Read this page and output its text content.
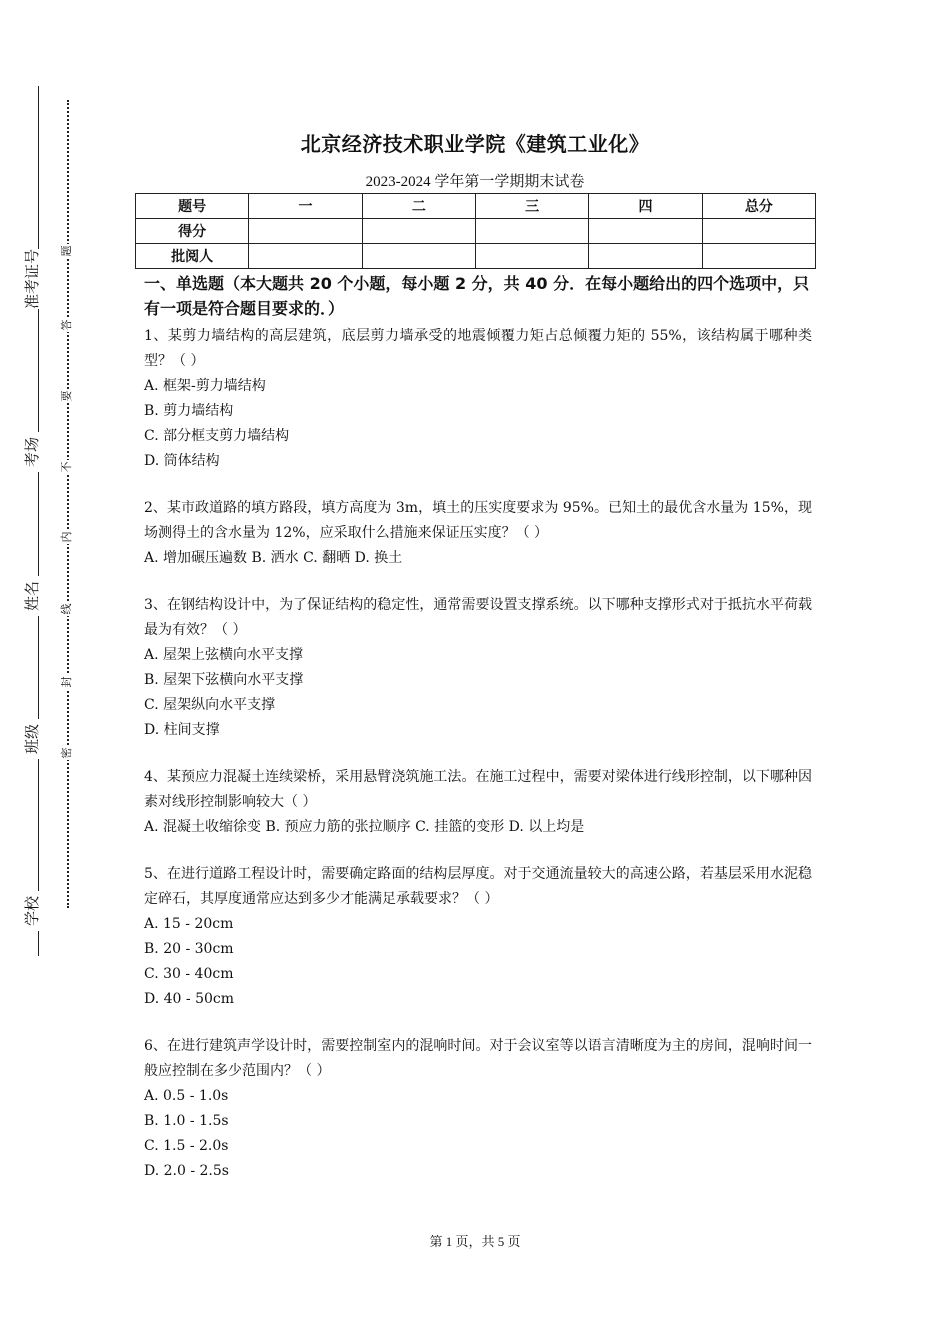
准考证号
考场
姓名
班级
学校
题
答
要
不
内
线
封
密
北京经济技术职业学院《建筑工业化》
2023-2024 学年第一学期期末试卷
题号	一	二	三	四	总分
得分					
批阅人					

一、单选题（本大题共 20 个小题，每小题 2 分，共 40 分．在每小题给出的四个选项中，只有一项是符合题目要求的．）

1、某剪力墙结构的高层建筑，底层剪力墙承受的地震倾覆力矩占总倾覆力矩的 55%，该结构属于哪种类型？（ ）

A. 框架-剪力墙结构

B. 剪力墙结构

C. 部分框支剪力墙结构

D. 筒体结构

2、某市政道路的填方路段，填方高度为 3m，填土的压实度要求为 95%。已知土的最优含水量为 15%，现场测得土的含水量为 12%，应采取什么措施来保证压实度？（ ）

A. 增加碾压遍数 B. 洒水 C. 翻晒 D. 换土

3、在钢结构设计中，为了保证结构的稳定性，通常需要设置支撑系统。以下哪种支撑形式对于抵抗水平荷载最为有效？（ ）

A. 屋架上弦横向水平支撑

B. 屋架下弦横向水平支撑

C. 屋架纵向水平支撑

D. 柱间支撑

4、某预应力混凝土连续梁桥，采用悬臂浇筑施工法。在施工过程中，需要对梁体进行线形控制，以下哪种因素对线形控制影响较大（ ）

A. 混凝土收缩徐变 B. 预应力筋的张拉顺序 C. 挂篮的变形 D. 以上均是

5、在进行道路工程设计时，需要确定路面的结构层厚度。对于交通流量较大的高速公路，若基层采用水泥稳定碎石，其厚度通常应达到多少才能满足承载要求？（ ）

A. 15 - 20cm

B. 20 - 30cm

C. 30 - 40cm

D. 40 - 50cm

6、在进行建筑声学设计时，需要控制室内的混响时间。对于会议室等以语言清晰度为主的房间，混响时间一般应控制在多少范围内？（ ）

A. 0.5 - 1.0s

B. 1.0 - 1.5s

C. 1.5 - 2.0s

D. 2.0 - 2.5s

第 1 页，共 5 页
